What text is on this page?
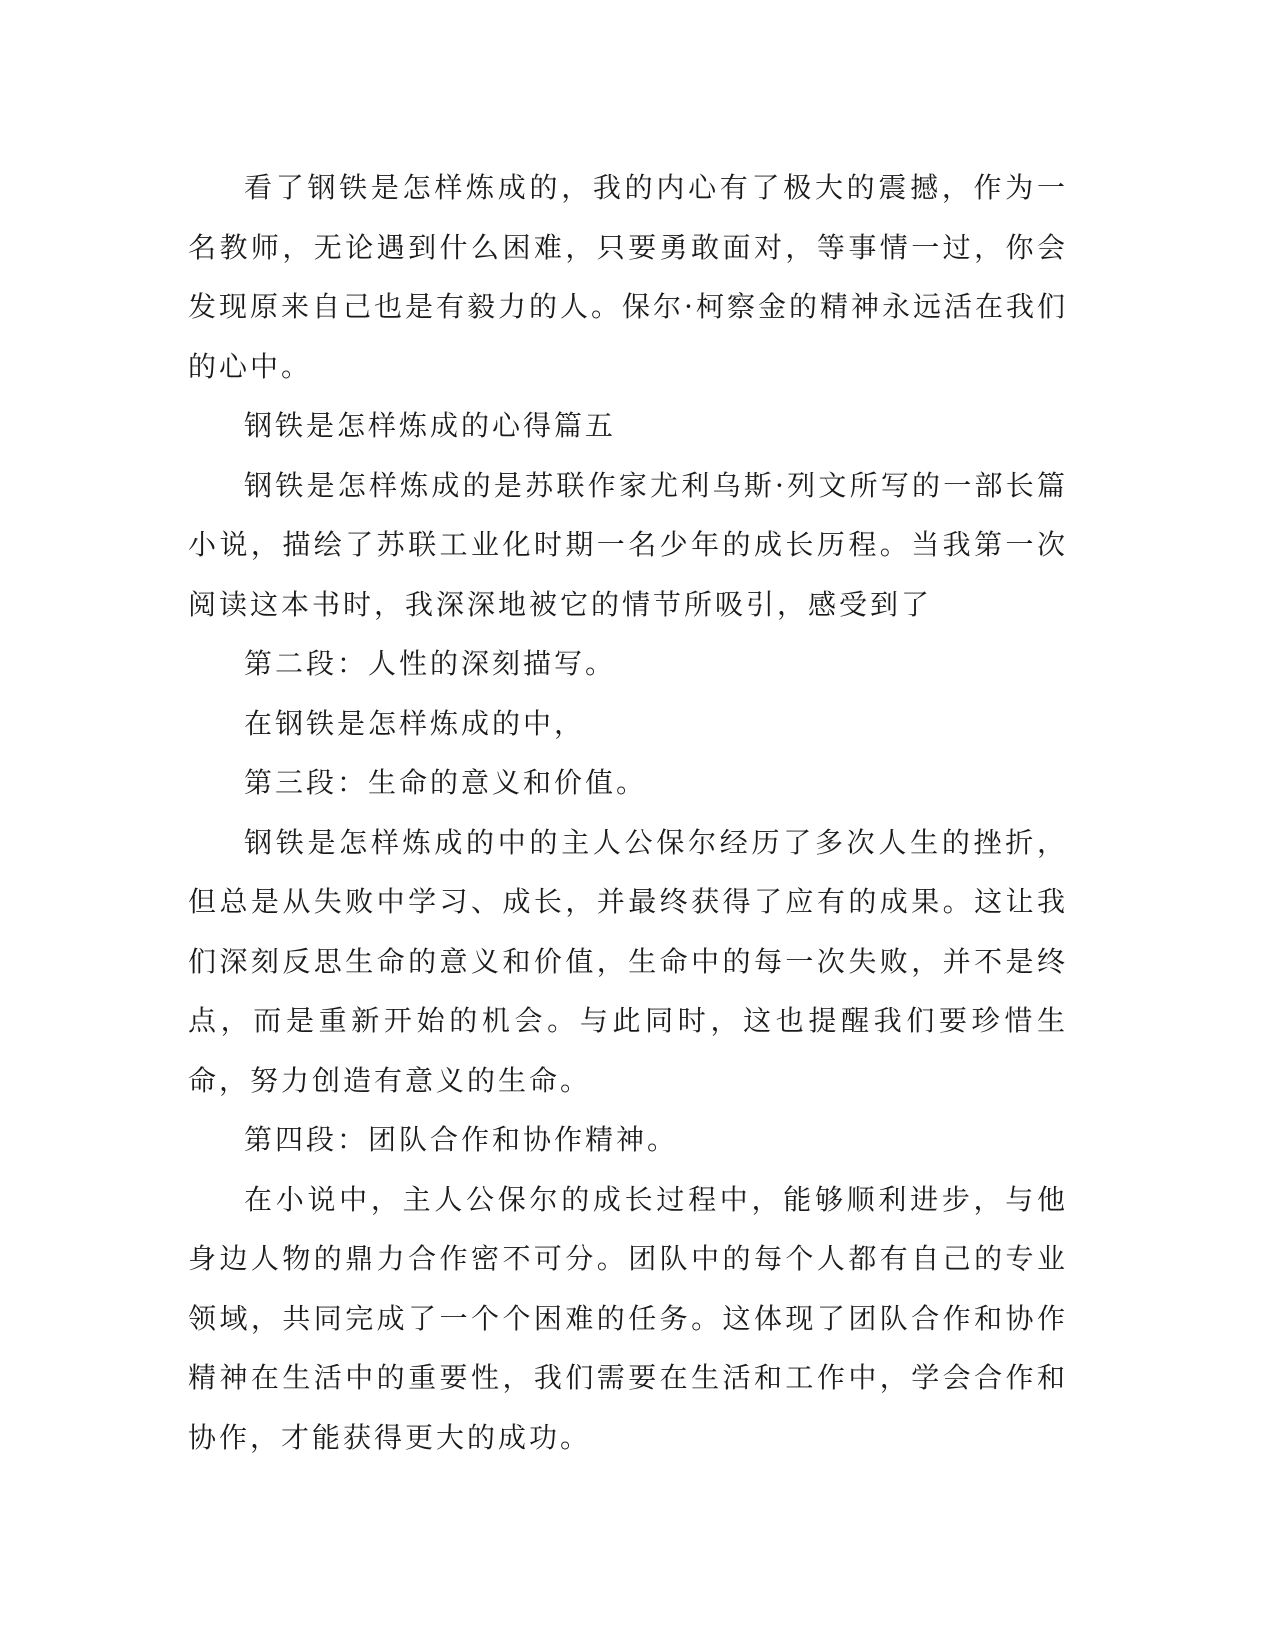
看了钢铁是怎样炼成的，我的内心有了极大的震撼，作为一名教师，无论遇到什么困难，只要勇敢面对，等事情一过，你会发现原来自己也是有毅力的人。保尔·柯察金的精神永远活在我们的心中。

钢铁是怎样炼成的心得篇五

钢铁是怎样炼成的是苏联作家尤利乌斯·列文所写的一部长篇小说，描绘了苏联工业化时期一名少年的成长历程。当我第一次阅读这本书时，我深深地被它的情节所吸引，感受到了

第二段：人性的深刻描写。

在钢铁是怎样炼成的中，

第三段：生命的意义和价值。

钢铁是怎样炼成的中的主人公保尔经历了多次人生的挫折，但总是从失败中学习、成长，并最终获得了应有的成果。这让我们深刻反思生命的意义和价值，生命中的每一次失败，并不是终点，而是重新开始的机会。与此同时，这也提醒我们要珍惜生命，努力创造有意义的生命。

第四段：团队合作和协作精神。

在小说中，主人公保尔的成长过程中，能够顺利进步，与他身边人物的鼎力合作密不可分。团队中的每个人都有自己的专业领域，共同完成了一个个困难的任务。这体现了团队合作和协作精神在生活中的重要性，我们需要在生活和工作中，学会合作和协作，才能获得更大的成功。
